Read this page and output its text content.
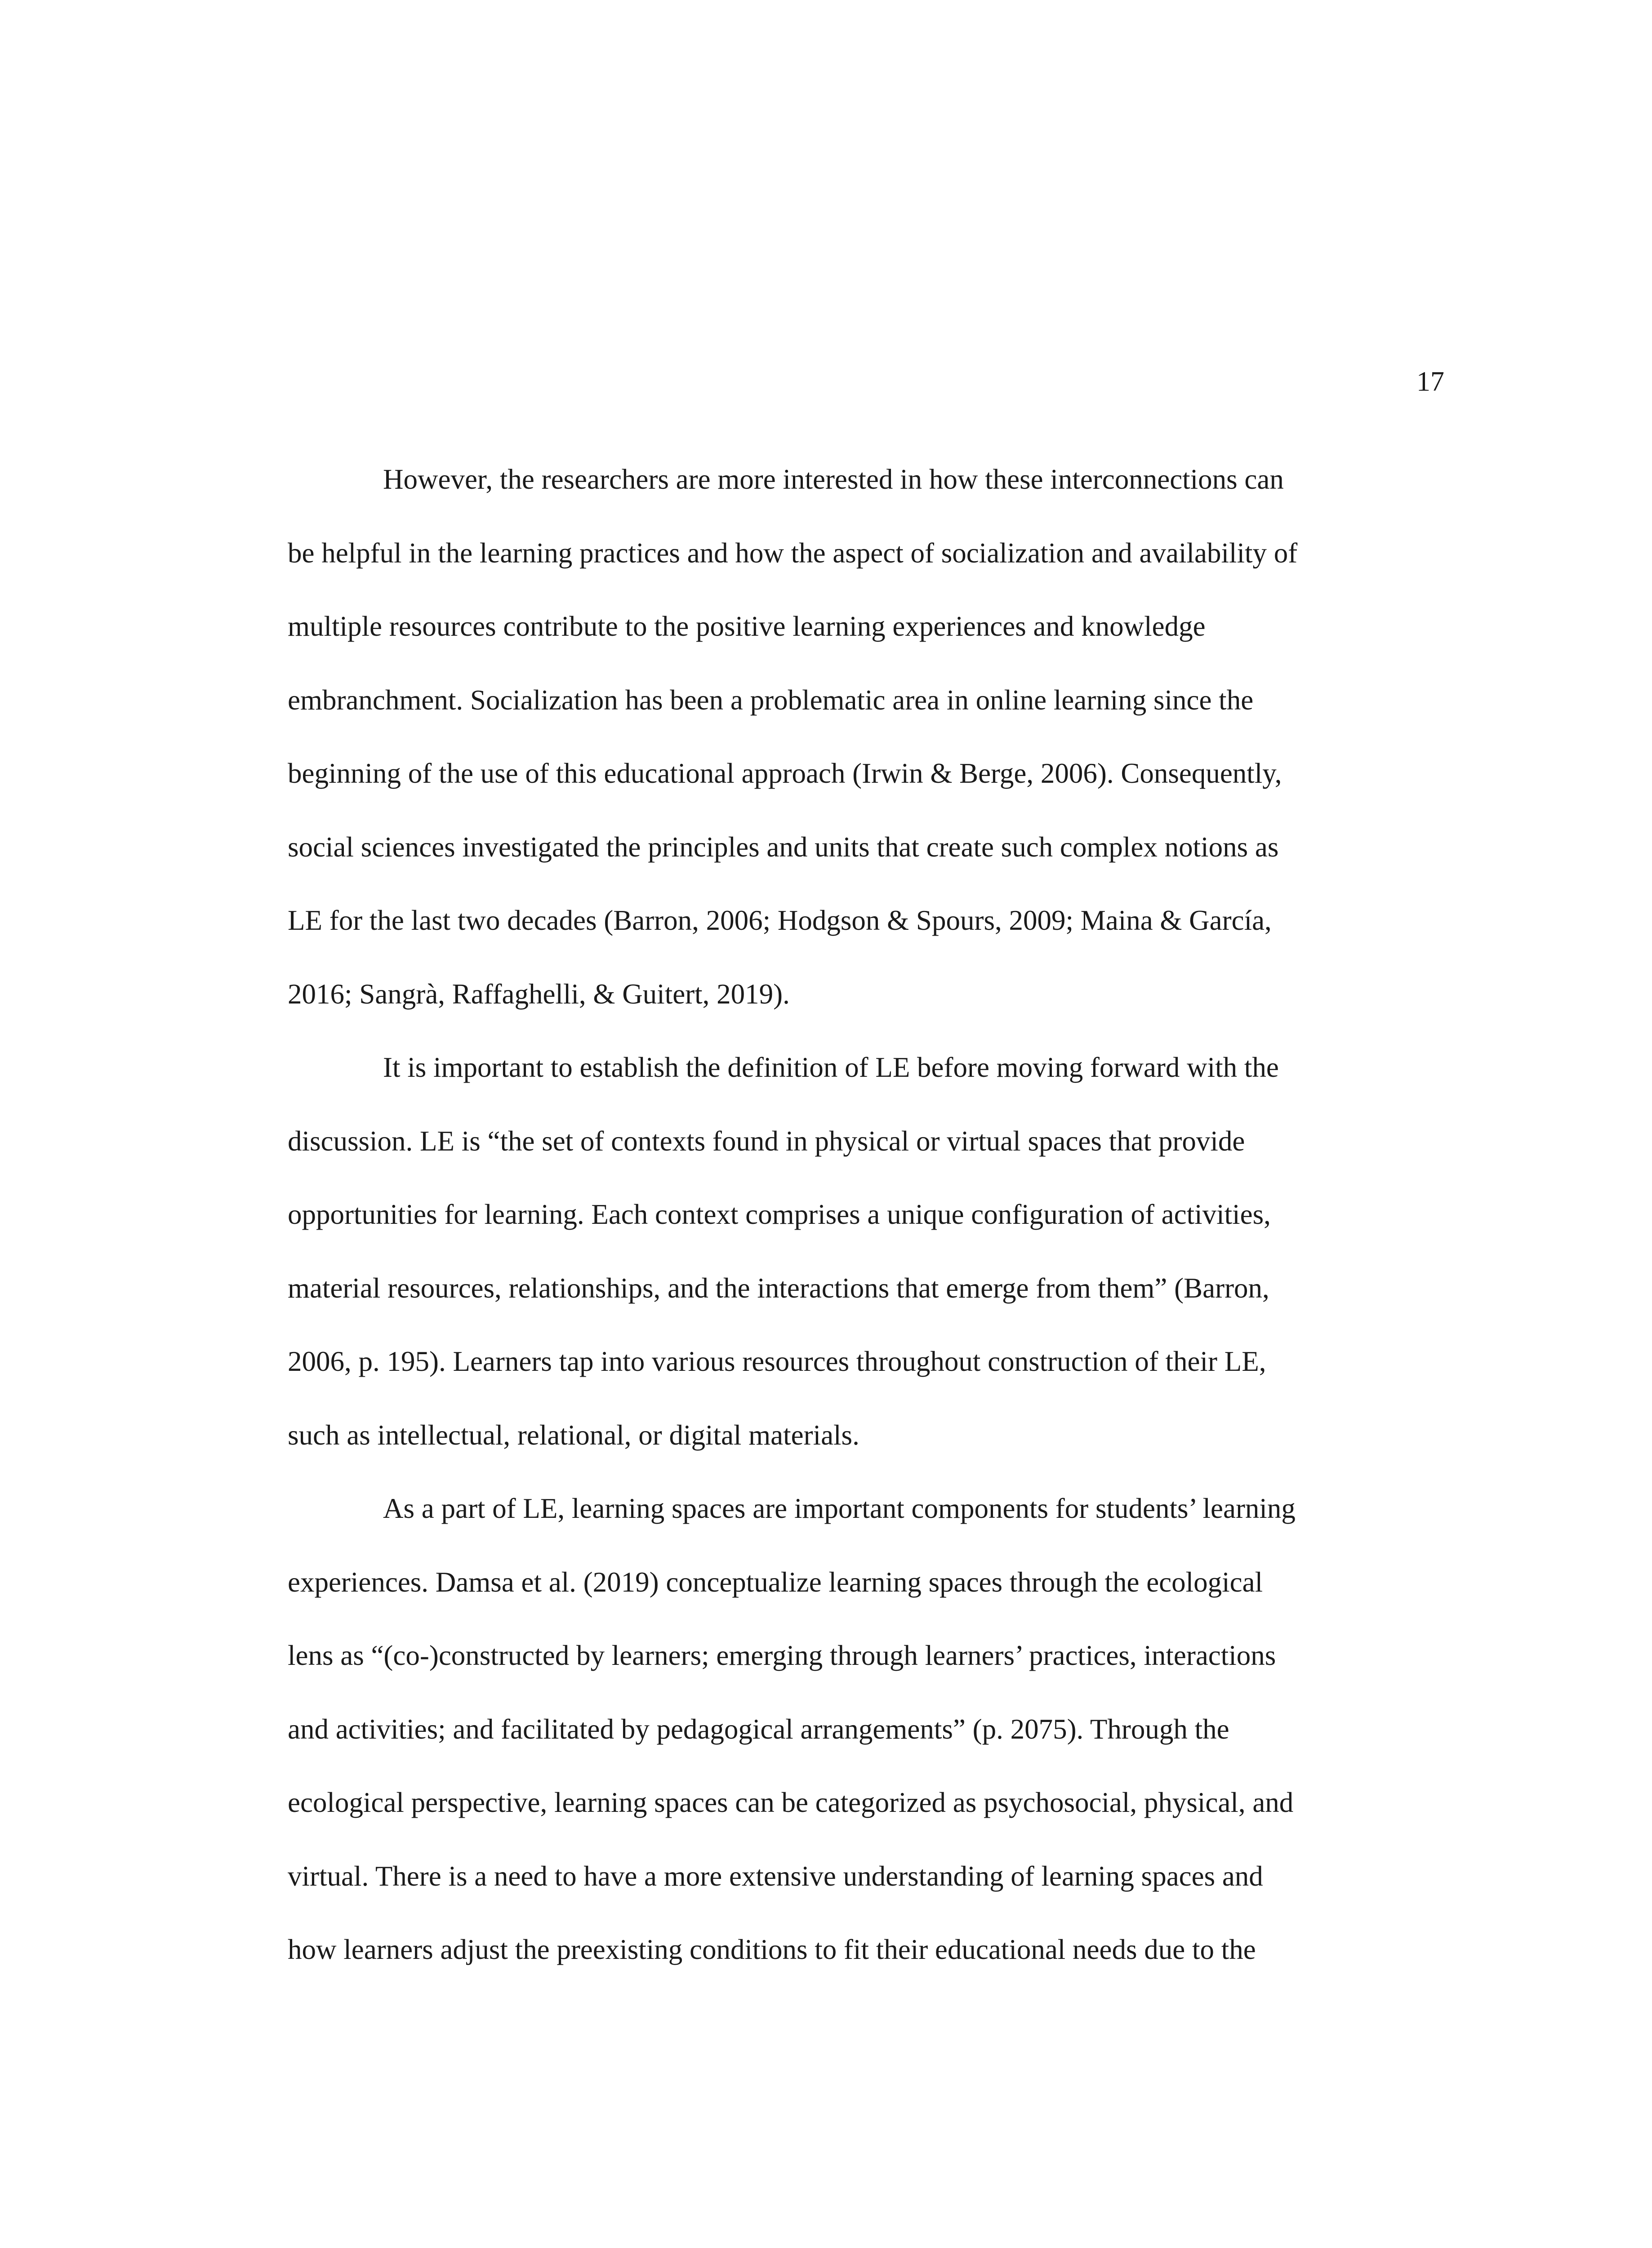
17

However, the researchers are more interested in how these interconnections can
be helpful in the learning practices and how the aspect of socialization and availability of
multiple resources contribute to the positive learning experiences and knowledge
embranchment. Socialization has been a problematic area in online learning since the
beginning of the use of this educational approach (Irwin & Berge, 2006). Consequently,
social sciences investigated the principles and units that create such complex notions as
LE for the last two decades (Barron, 2006; Hodgson & Spours, 2009; Maina & García,
2016; Sangrà, Raffaghelli, & Guitert, 2019).

It is important to establish the definition of LE before moving forward with the
discussion. LE is “the set of contexts found in physical or virtual spaces that provide
opportunities for learning. Each context comprises a unique configuration of activities,
material resources, relationships, and the interactions that emerge from them” (Barron,
2006, p. 195). Learners tap into various resources throughout construction of their LE,
such as intellectual, relational, or digital materials.

As a part of LE, learning spaces are important components for students’ learning
experiences. Damsa et al. (2019) conceptualize learning spaces through the ecological
lens as “(co-)constructed by learners; emerging through learners’ practices, interactions
and activities; and facilitated by pedagogical arrangements” (p. 2075). Through the
ecological perspective, learning spaces can be categorized as psychosocial, physical, and
virtual. There is a need to have a more extensive understanding of learning spaces and
how learners adjust the preexisting conditions to fit their educational needs due to the
